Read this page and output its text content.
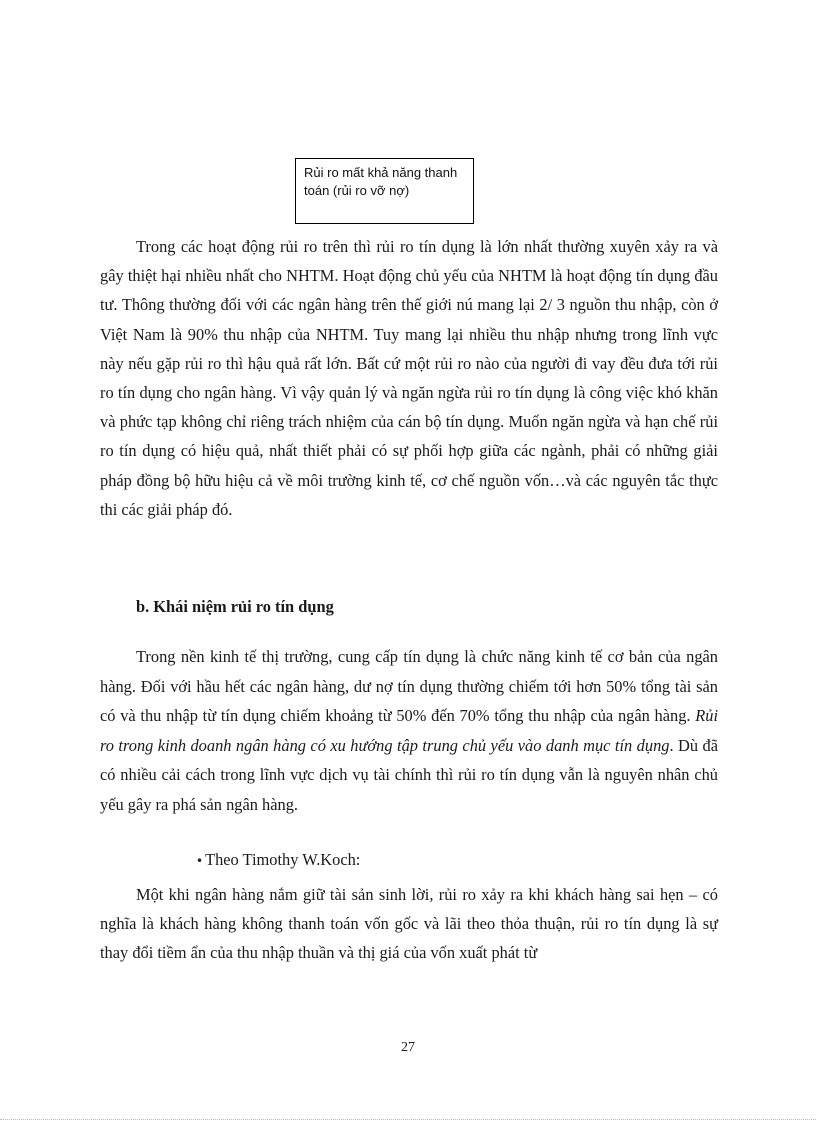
Rủi ro mất khả năng thanh toán (rủi ro vỡ nợ)

Trong các hoạt động rủi ro trên thì rủi ro tín dụng là lớn nhất thường xuyên xảy ra và gây thiệt hại nhiều nhất cho NHTM. Hoạt động chủ yếu của NHTM là hoạt động tín dụng đầu tư. Thông thường đối với các ngân hàng trên thế giới nú mang lại 2/ 3 nguồn thu nhập, còn ở Việt Nam là 90% thu nhập của NHTM. Tuy mang lại nhiều thu nhập nhưng trong lĩnh vực này nếu gặp rủi ro thì hậu quả rất lớn. Bất cứ một rủi ro nào của người đi vay đều đưa tới rủi ro tín dụng cho ngân hàng. Vì vậy quản lý và ngăn ngừa rủi ro tín dụng là công việc khó khăn và phức tạp không chỉ riêng trách nhiệm của cán bộ tín dụng. Muốn ngăn ngừa và hạn chế rủi ro tín dụng có hiệu quả, nhất thiết phải có sự phối hợp giữa các ngành, phải có những giải pháp đồng bộ hữu hiệu cả về môi trường kinh tế, cơ chế nguồn vốn…và các nguyên tắc thực thi các giải pháp đó.

b. Khái niệm rủi ro tín dụng

Trong nền kinh tế thị trường, cung cấp tín dụng là chức năng kinh tế cơ bản của ngân hàng. Đối với hầu hết các ngân hàng, dư nợ tín dụng thường chiếm tới hơn 50% tổng tài sản có và thu nhập từ tín dụng chiếm khoảng từ 50% đến 70% tổng thu nhập của ngân hàng. Rủi ro trong kinh doanh ngân hàng có xu hướng tập trung chủ yếu vào danh mục tín dụng. Dù đã có nhiều cải cách trong lĩnh vực dịch vụ tài chính thì rủi ro tín dụng vẫn là nguyên nhân chủ yếu gây ra phá sản ngân hàng.

• Theo Timothy W.Koch:

Một khi ngân hàng nắm giữ tài sản sinh lời, rủi ro xảy ra khi khách hàng sai hẹn – có nghĩa là khách hàng không thanh toán vốn gốc và lãi theo thỏa thuận, rủi ro tín dụng là sự thay đổi tiềm ẩn của thu nhập thuần và thị giá của vốn xuất phát từ

27
